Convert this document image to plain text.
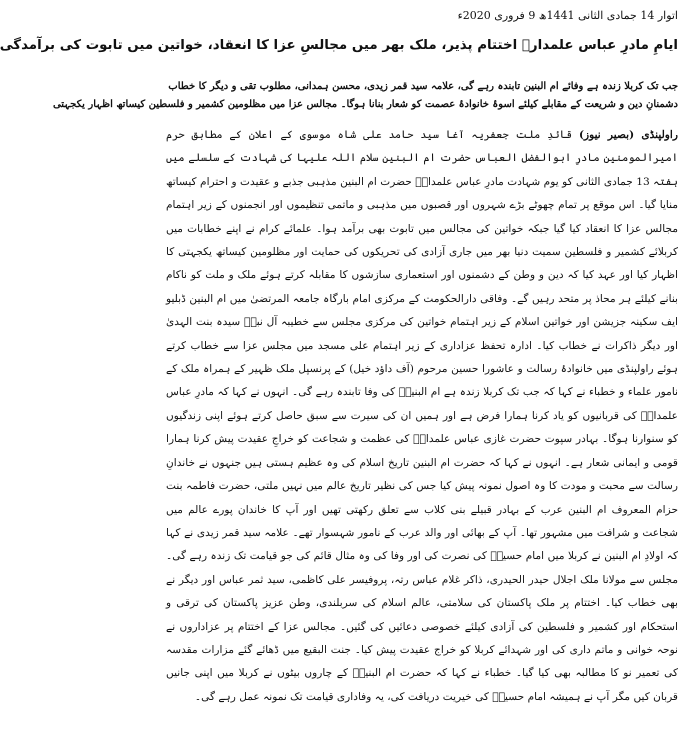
اتوار 14 جمادی الثانی 1441ھ 9 فروری 2020ء
ایامِ مادرِ عباس علمدارؑ اختتام پذیر، ملک بھر میں مجالسِ عزا کا انعقاد، خواتین میں تابوت کی برآمدگی
جب تک کربلا زندہ ہے وفائے ام البنین تابندہ رہے گی، علامہ سید قمر زیدی، محسن ہمدانی، مطلوب تقی و دیگر کا خطاب
دشمنانِ دین و شریعت کے مقابلے کیلئے اسوۂ خانوادۂ عصمت کو شعار بنانا ہوگا۔ مجالس عزا میں مظلومین کشمیر و فلسطین کیساتھ اظہار یکجہتی
راولپنڈی (بصیر نیوز) قائدِ ملت جعفریہ آغا سید حامد علی شاہ موسوی کے اعلان کے مطابق حرم امیرالمومنین مادرِ ابوالفضل العباس حضرت ام البنین سلام اللہ علیہا کی شہادت کے سلسلے میں ہفتہ 13 جمادی الثانی کو یوم شہادت مادرِ عباس علمدارؑ حضرت ام البنین مذہبی جذبے و عقیدت و احترام کیساتھ منایا گیا۔ اس موقع پر تمام چھوٹے بڑے شہروں اور قصبوں میں مذہبی و ماتمی تنظیموں اور انجمنوں کے زیر اہتمام مجالس عزا کا انعقاد کیا گیا جبکہ خواتین کی مجالس میں تابوت بھی برآمد ہوا۔ علمائے کرام نے اپنے خطابات میں کربلائے کشمیر و فلسطین سمیت دنیا بھر میں جاری آزادی کی تحریکوں کی حمایت اور مظلومین کیساتھ یکجہتی کا اظہار کیا اور عہد کیا کہ دین و وطن کے دشمنوں اور استعماری سازشوں کا مقابلہ کرتے ہوئے ملک و ملت کو ناکام بنانے کیلئے ہر محاذ پر متحد رہیں گے۔ وفاقی دارالحکومت کے مرکزی امام بارگاہ جامعہ المرتضیٰ میں ام البنین ڈبلیو ایف سکینہ جزیشن اور خواتین اسلام کے زیر اہتمام خواتین کی مرکزی مجلس سے خطیبہ آل نبیؐ سیدہ بنت الہدیٰ اور دیگر ذاکرات نے خطاب کیا۔ ادارہ تحفظ عزاداری کے زیر اہتمام علی مسجد میں مجلس عزا سے خطاب کرتے ہوئے راولپنڈی میں خانوادۂ رسالت و عاشورا حسین مرحوم (آف داؤد خیل) کے پرنسپل ملک ظہیر کے ہمراہ ملک کے نامور علماء و خطباء نے کہا کہ جب تک کربلا زندہ ہے ام البنینؑ کی وفا تابندہ رہے گی۔ انہوں نے کہا کہ مادرِ عباس علمدارؑ کی قربانیوں کو یاد کرنا ہمارا فرض ہے اور ہمیں ان کی سیرت سے سبق حاصل کرتے ہوئے اپنی زندگیوں کو سنوارنا ہوگا۔ بہادر سپوت حضرت غازی عباس علمدارؑ کی عظمت و شجاعت کو خراجِ عقیدت پیش کرنا ہمارا قومی و ایمانی شعار ہے۔ انہوں نے کہا کہ حضرت ام البنین تاریخ اسلام کی وہ عظیم ہستی ہیں جنہوں نے خاندانِ رسالت سے محبت و مودت کا وہ اصول نمونہ پیش کیا جس کی نظیر تاریخ عالم میں نہیں ملتی، حضرت فاطمہ بنت حزام المعروف ام البنین عرب کے بہادر قبیلے بنی کلاب سے تعلق رکھتی تھیں اور آپ کا خاندان پورے عالم میں شجاعت و شرافت میں مشہور تھا۔ آپ کے بھائی اور والد عرب کے نامور شہسوار تھے۔ علامہ سید قمر زیدی نے کہا کہ اولادِ ام البنین نے کربلا میں امام حسینؑ کی نصرت کی اور وفا کی وہ مثال قائم کی جو قیامت تک زندہ رہے گی۔ مجلس سے مولانا ملک اجلال حیدر الحیدری، ذاکر غلام عباس رتہ، پروفیسر علی کاظمی، سید ثمر عباس اور دیگر نے بھی خطاب کیا۔ اختتام پر ملک پاکستان کی سلامتی، عالم اسلام کی سربلندی، وطن عزیز پاکستان کی ترقی و استحکام اور کشمیر و فلسطین کی آزادی کیلئے خصوصی دعائیں کی گئیں۔ مجالس عزا کے اختتام پر عزاداروں نے نوحہ خوانی و ماتم داری کی اور شہدائے کربلا کو خراج عقیدت پیش کیا۔ جنت البقیع میں ڈھائے گئے مزارات مقدسہ کی تعمیر نو کا مطالبہ بھی کیا گیا۔ خطباء نے کہا کہ حضرت ام البنینؑ کے چاروں بیٹوں نے کربلا میں اپنی جانیں قربان کیں مگر آپ نے ہمیشہ امام حسینؑ کی خیریت دریافت کی، یہ وفاداری قیامت تک نمونہ عمل رہے گی۔
